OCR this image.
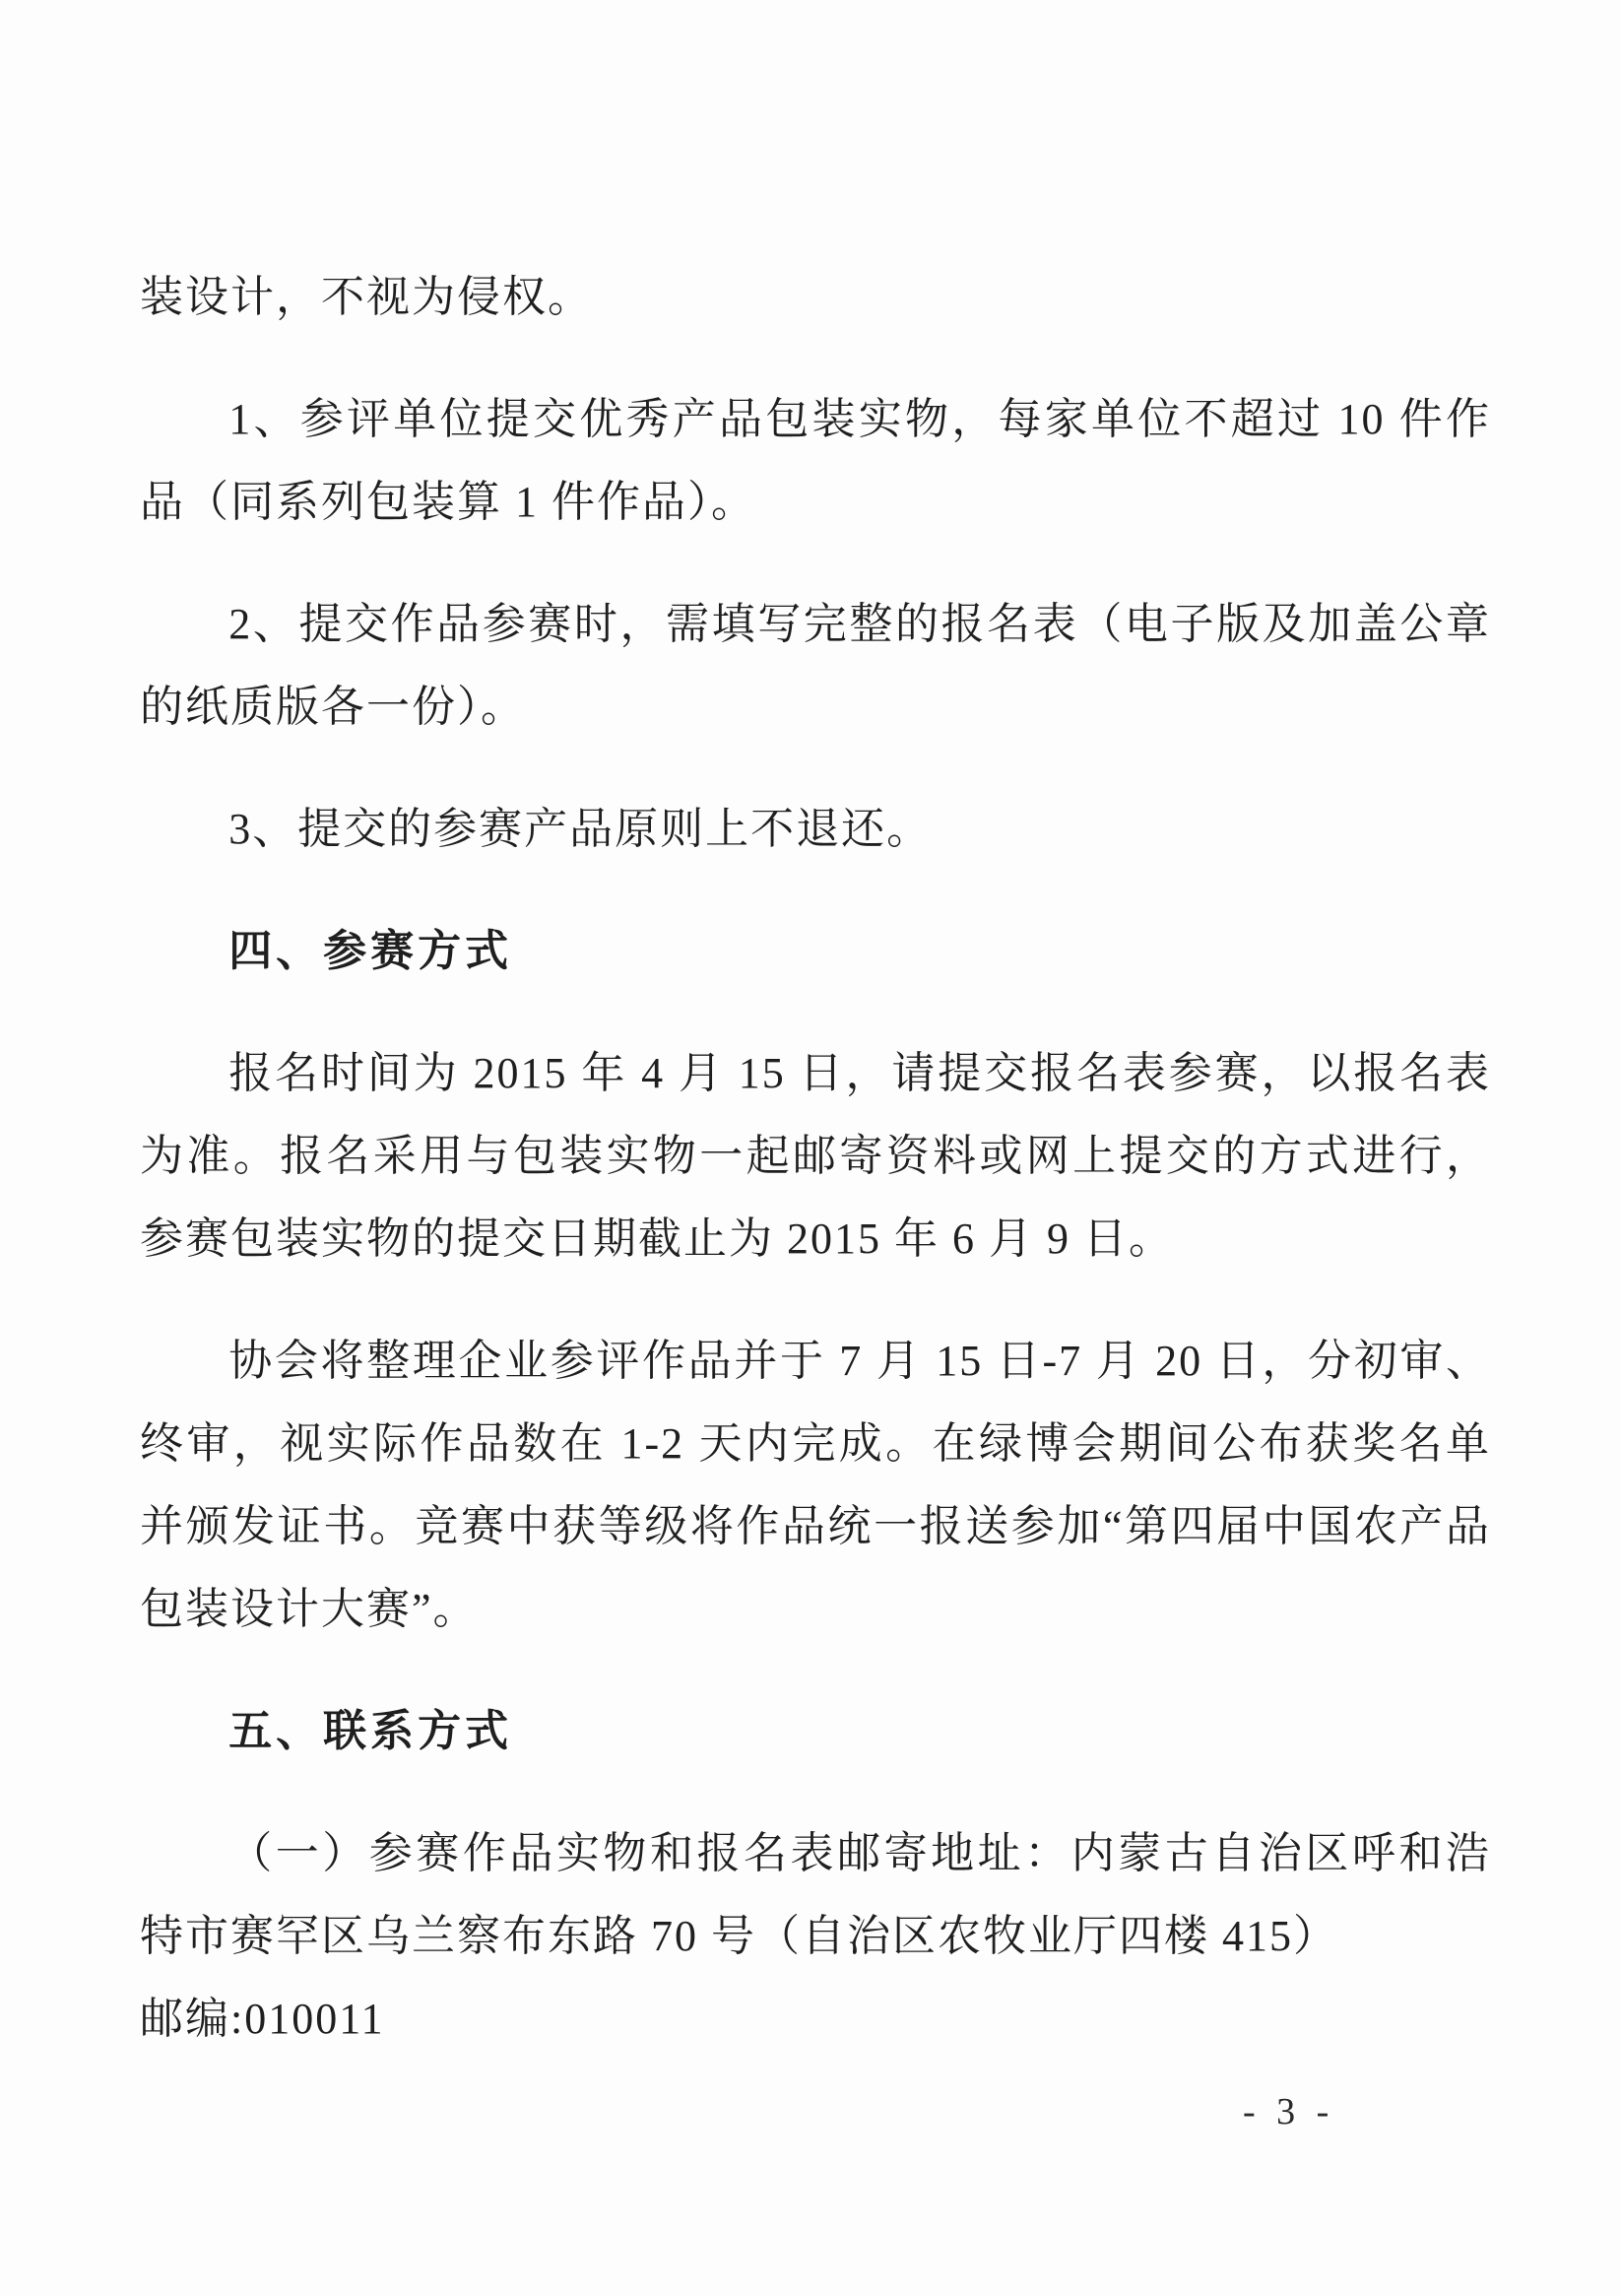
装设计，不视为侵权。

1、参评单位提交优秀产品包装实物，每家单位不超过 10 件作品（同系列包装算 1 件作品）。

2、提交作品参赛时，需填写完整的报名表（电子版及加盖公章的纸质版各一份）。

3、提交的参赛产品原则上不退还。

四、参赛方式

报名时间为 2015 年 4 月 15 日，请提交报名表参赛，以报名表为准。报名采用与包装实物一起邮寄资料或网上提交的方式进行，参赛包装实物的提交日期截止为 2015 年 6 月 9 日。

协会将整理企业参评作品并于 7 月 15 日-7 月 20 日，分初审、终审，视实际作品数在 1-2 天内完成。在绿博会期间公布获奖名单并颁发证书。竞赛中获等级将作品统一报送参加“第四届中国农产品包装设计大赛”。

五、联系方式

（一）参赛作品实物和报名表邮寄地址：内蒙古自治区呼和浩特市赛罕区乌兰察布东路 70 号（自治区农牧业厅四楼 415）

邮编:010011

- 3 -
